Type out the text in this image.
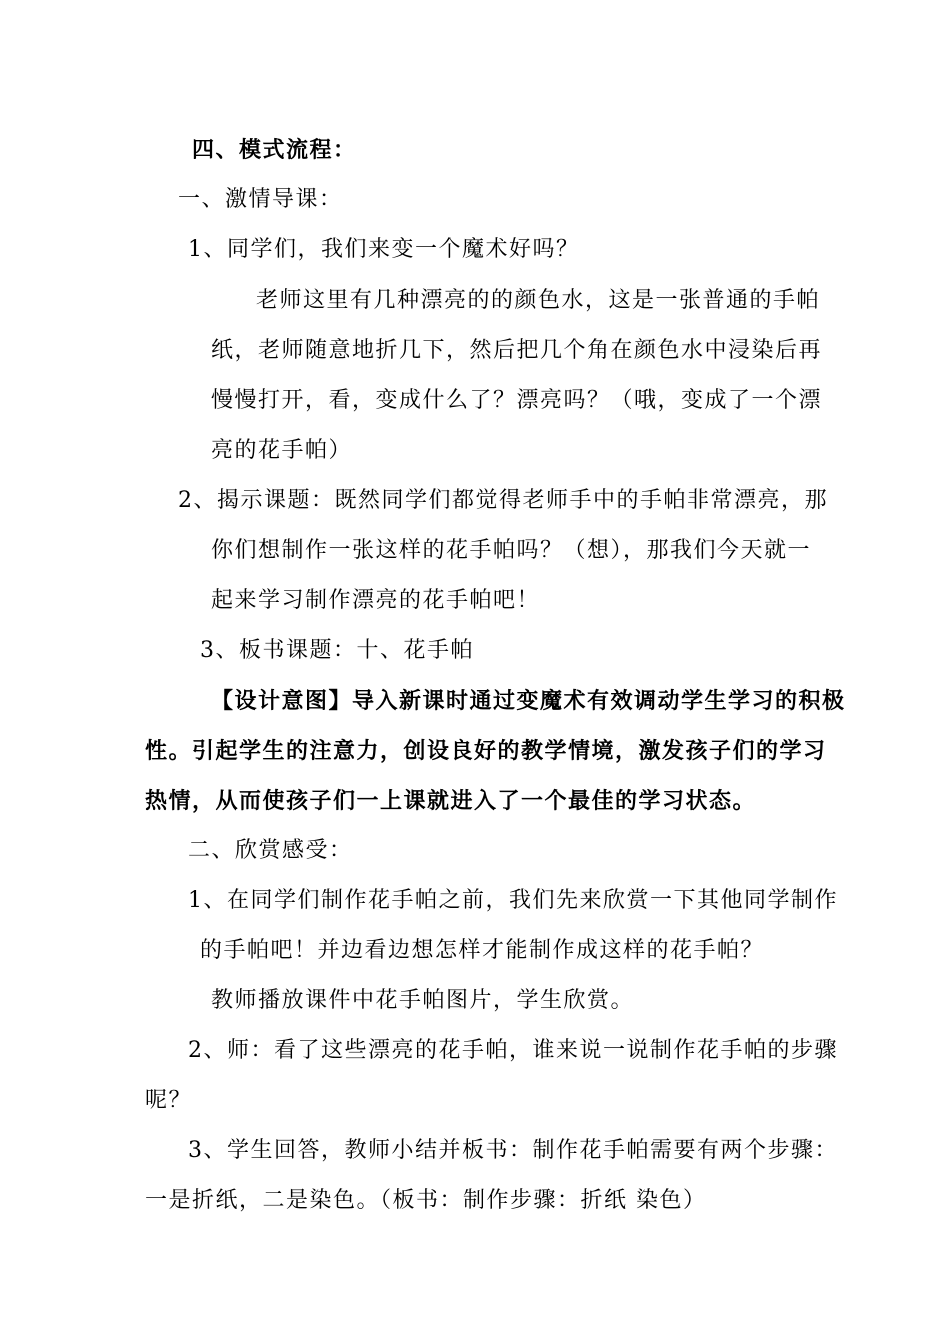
四、模式流程：
一、激情导课：
1、同学们，我们来变一个魔术好吗？
老师这里有几种漂亮的的颜色水，这是一张普通的手帕
纸，老师随意地折几下，然后把几个角在颜色水中浸染后再
慢慢打开，看，变成什么了？漂亮吗？（哦，变成了一个漂
亮的花手帕）
2、揭示课题：既然同学们都觉得老师手中的手帕非常漂亮，那
你们想制作一张这样的花手帕吗？（想），那我们今天就一
起来学习制作漂亮的花手帕吧！
3、板书课题：十、花手帕
【设计意图】导入新课时通过变魔术有效调动学生学习的积极
性。引起学生的注意力，创设良好的教学情境，激发孩子们的学习
热情，从而使孩子们一上课就进入了一个最佳的学习状态。
二、欣赏感受：
1、在同学们制作花手帕之前，我们先来欣赏一下其他同学制作
的手帕吧！并边看边想怎样才能制作成这样的花手帕？
教师播放课件中花手帕图片，学生欣赏。
2、师：看了这些漂亮的花手帕，谁来说一说制作花手帕的步骤
呢？
3、学生回答，教师小结并板书：制作花手帕需要有两个步骤：
一是折纸，二是染色。（板书：制作步骤：折纸 染色）
